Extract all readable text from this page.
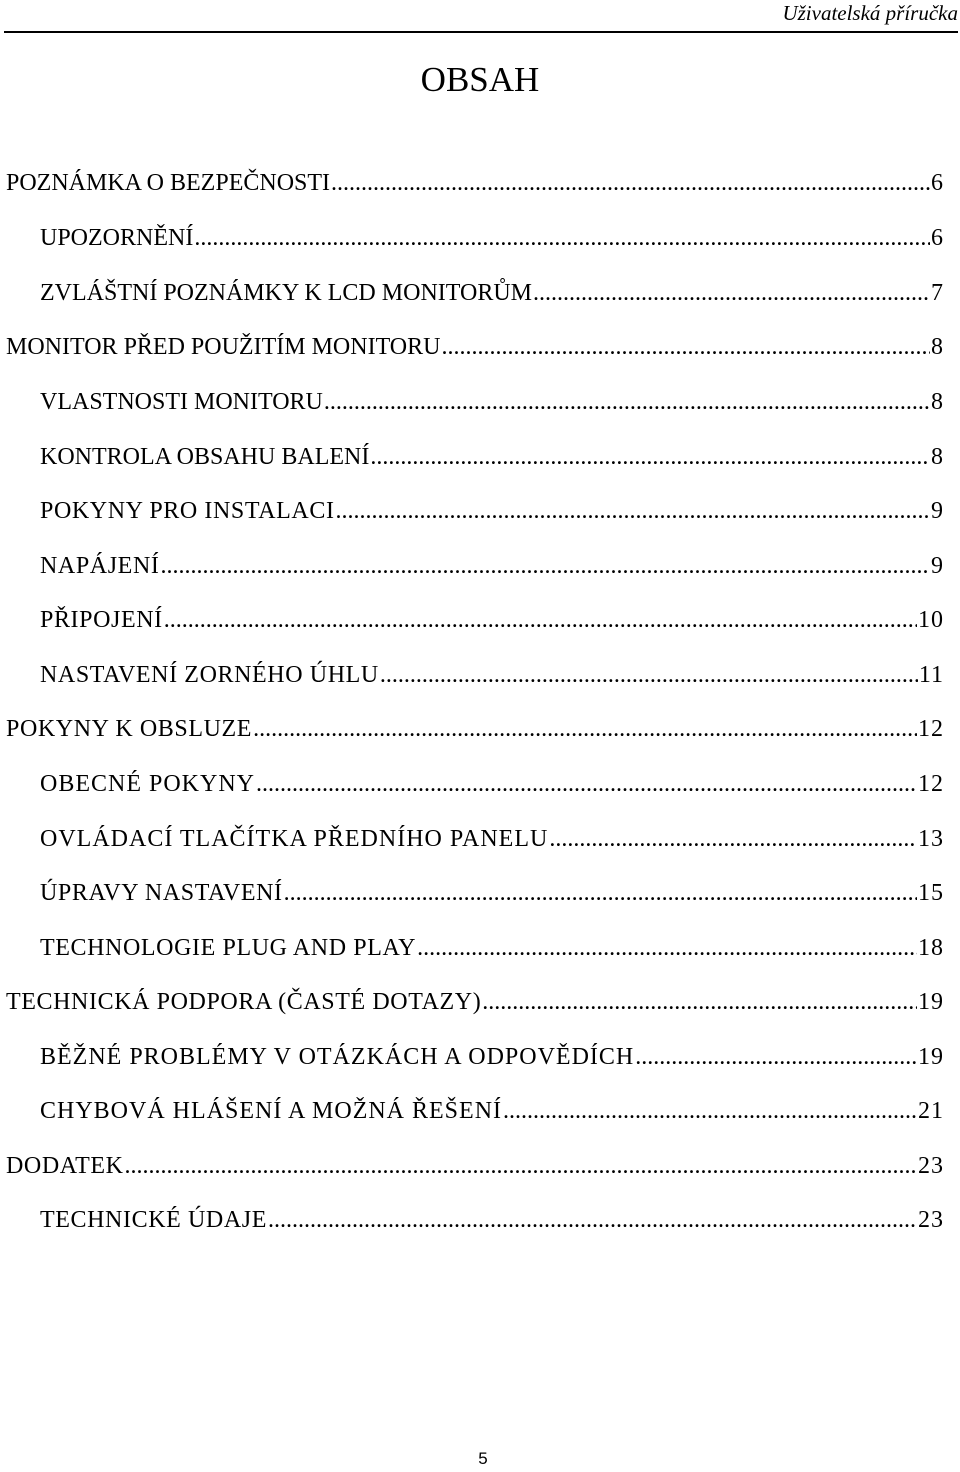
Uživatelská příručka
OBSAH
POZNÁMKA O BEZPEČNOSTI .....	6
UPOZORNĚNÍ .....	6
ZVLÁŠTNÍ POZNÁMKY K LCD MONITORŮM .....	7
MONITOR PŘED POUŽITÍM MONITORU .....	8
VLASTNOSTI MONITORU .....	8
KONTROLA OBSAHU BALENÍ .....	8
POKYNY PRO INSTALACI .....	9
NAPÁJENÍ .....	9
PŘIPOJENÍ .....	10
NASTAVENÍ ZORNÉHO ÚHLU .....	11
POKYNY K OBSLUZE .....	12
OBECNÉ POKYNY .....	12
OVLÁDACÍ TLAČÍTKA PŘEDNÍHO PANELU .....	13
ÚPRAVY NASTAVENÍ .....	15
TECHNOLOGIE PLUG AND PLAY .....	18
TECHNICKÁ PODPORA (ČASTÉ DOTAZY) .....	19
BĚŽNÉ PROBLÉMY V OTÁZKÁCH A ODPOVĚDÍCH .....	19
CHYBOVÁ HLÁŠENÍ A MOŽNÁ ŘEŠENÍ .....	21
DODATEK .....	23
TECHNICKÉ ÚDAJE .....	23
5
